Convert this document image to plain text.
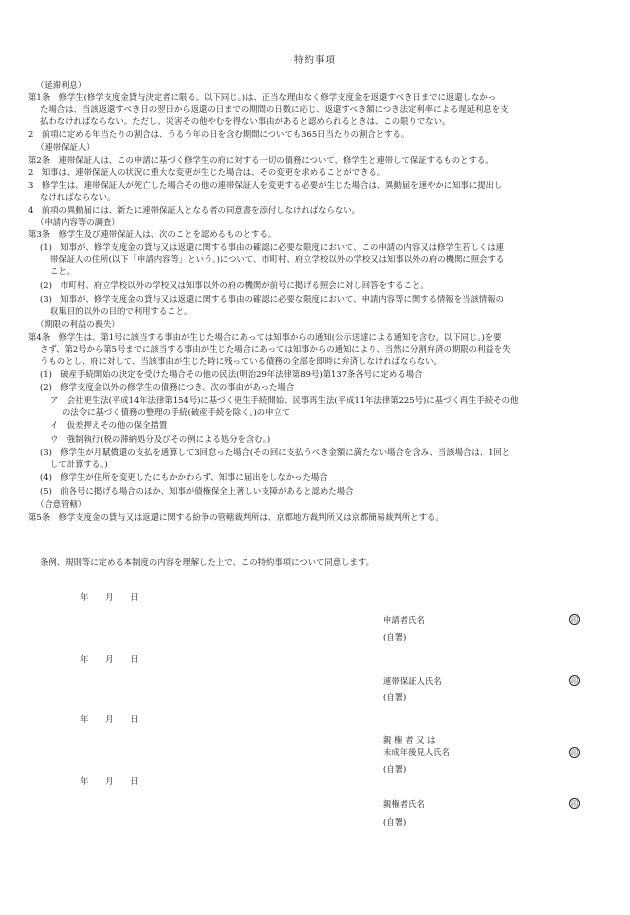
特約事項
（延滞利息）
第1条　修学生(修学支度金貸与決定者に限る。以下同じ。)は、正当な理由なく修学支度金を返還すべき日までに返還しなかっ
た場合は、当該返還すべき日の翌日から返還の日までの期間の日数に応じ、返還すべき額につき法定利率による遅延利息を支
払わなければならない。ただし、災害その他やむを得ない事由があると認められるときは、この限りでない。
2　前項に定める年当たりの割合は、うるう年の日を含む期間についても365日当たりの割合とする。
（連帯保証人）
第2条　連帯保証人は、この申請に基づく修学生の府に対する一切の債務について、修学生と連帯して保証するものとする。
2　知事は、連帯保証人の状況に重大な変更が生じた場合は、その変更を求めることができる。
3　修学生は、連帯保証人が死亡した場合その他の連帯保証人を変更する必要が生じた場合は、異動届を速やかに知事に提出し
なければならない。
4　前項の異動届には、新たに連帯保証人となる者の同意書を添付しなければならない。
（申請内容等の調査）
第3条　修学生及び連帯保証人は、次のことを認めるものとする。
(1)　知事が、修学支度金の貸与又は返還に関する事由の確認に必要な限度において、この申請の内容又は修学生若しくは連
帯保証人の住所(以下「申請内容等」という。)について、市町村、府立学校以外の学校又は知事以外の府の機関に照会する
こと。
(2)　市町村、府立学校以外の学校又は知事以外の府の機関が前号に掲げる照会に対し回答をすること。
(3)　知事が、修学支度金の貸与又は返還に関する事由の確認に必要な限度において、申請内容等に関する情報を当該情報の
収集目的以外の目的で利用すること。
（期限の利益の喪失）
第4条　修学生は、第1号に該当する事由が生じた場合にあっては知事からの通知(公示送達による通知を含む。以下同じ。)を要
さず、第2号から第5号までに該当する事由が生じた場合にあっては知事からの通知により、当然に分割弁済の期限の利益を失
うものとし、府に対して、当該事由が生じた時に残っている債務の全部を即時に弁済しなければならない。
(1)　破産手続開始の決定を受けた場合その他の民法(明治29年法律第89号)第137条各号に定める場合
(2)　修学支度金以外の修学生の債務につき、次の事由があった場合
ア　会社更生法(平成14年法律第154号)に基づく更生手続開始、民事再生法(平成11年法律第225号)に基づく再生手続その他
の法令に基づく債務の整理の手続(破産手続を除く。)の申立て
イ　仮差押えその他の保全措置
ウ　強制執行(税の滞納処分及びその例による処分を含む。)
(3)　修学生が月賦償還の支払を通算して3回怠った場合(その回に支払うべき金額に満たない場合を含み、当該場合は、1回と
して計算する。)
(4)　修学生が住所を変更したにもかかわらず、知事に届出をしなかった場合
(5)　前各号に掲げる場合のほか、知事が債権保全上著しい支障があると認めた場合
（合意管轄）
第5条　修学支度金の貸与又は返還に関する紛争の管轄裁判所は、京都地方裁判所又は京都簡易裁判所とする。
条例、規則等に定める本制度の内容を理解した上で、この特約事項について同意します。
年　　月　　日
申請者氏名
(自署)
印
年　　月　　日
連帯保証人氏名
(自署)
印
年　　月　　日
親 権 者 又 は
未成年後見人氏名
(自署)
印
年　　月　　日
親権者氏名
(自署)
印
